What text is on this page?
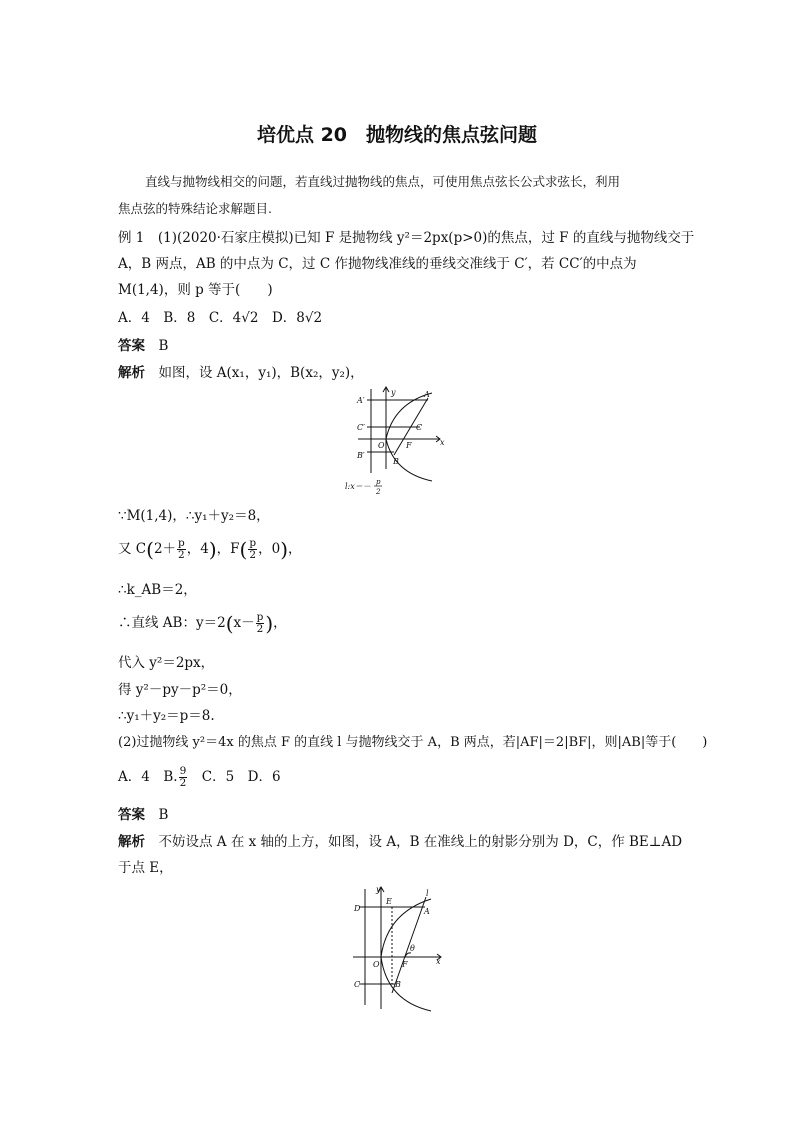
培优点 20　抛物线的焦点弦问题
直线与抛物线相交的问题，若直线过抛物线的焦点，可使用焦点弦长公式求弦长，利用
焦点弦的特殊结论求解题目.
例 1　(1)(2020·石家庄模拟)已知 F 是抛物线 y²＝2px(p>0)的焦点，过 F 的直线与抛物线交于
A，B 两点，AB 的中点为 C，过 C 作抛物线准线的垂线交准线于 C′，若 CC′的中点为
M(1,4)，则 p 等于(　　)
A．4　B．8　C．4√2　D．8√2
答案　 B
解析　 如图，设 A(x₁，y₁)，B(x₂，y₂)，
A′
A
y
C′	C
O	F	x
B′
B
l:x＝－ p
2
∵M(1,4)，∴y₁＋y₂＝8，
又 $C(2+ \frac{p}{2}$ ，4)，$F( \frac{p}{2}$ ，0)，
∴k_AB＝2，
∴直线 AB：$y=2(x- \frac{p}{2}$ )，
代入 y²＝2px，
得 y²－py－p²＝0，
∴y₁＋y₂＝p＝8.
(2)过抛物线 y²＝4x 的焦点 F 的直线 l 与抛物线交于 A，B 两点，若|AF|＝2|BF|，则|AB|等于(　　)
A．4　B. $\frac{9}{2}$ 　C．5　D．6
答案　 B
解析　 不妨设点 A 在 x 轴的上方，如图，设 A，B 在准线上的射影分别为 D，C，作 BE⊥AD
于点 E，
y
E
l
D	A
θ
O	F	x
C	B
